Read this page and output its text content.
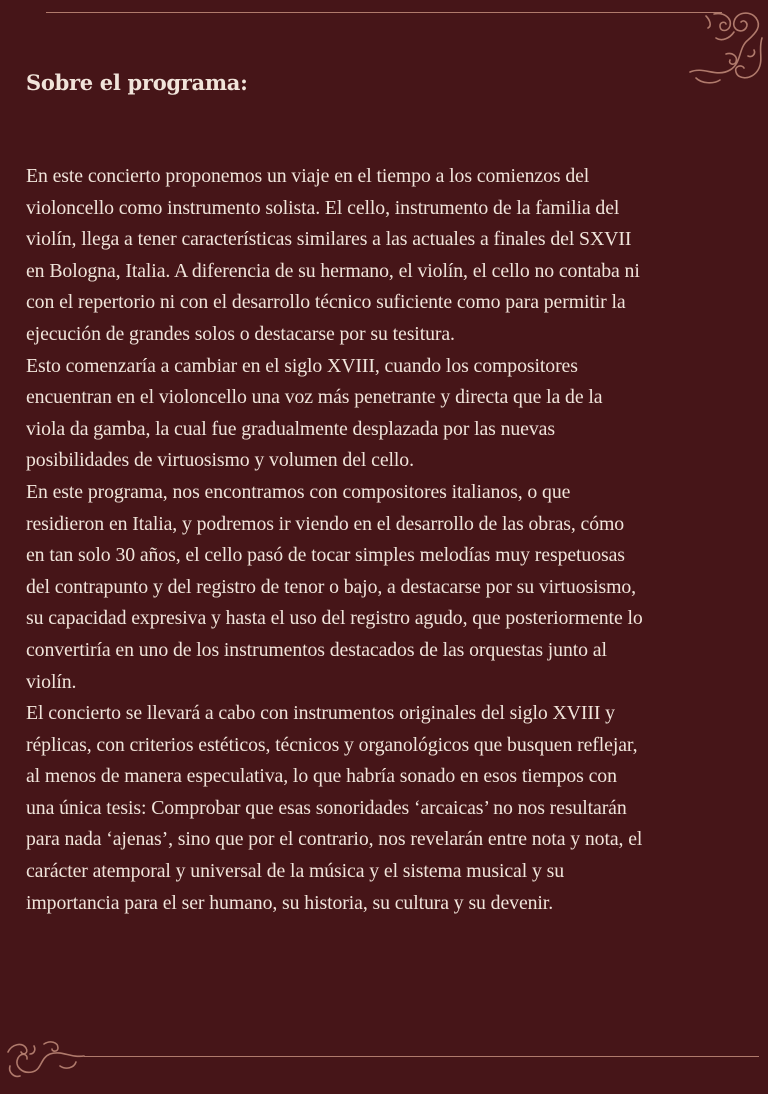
Sobre el programa:
En este concierto proponemos un viaje en el tiempo a los comienzos del
violoncello como instrumento solista. El cello, instrumento de la familia del
violín, llega a tener características similares a las actuales a finales del SXVII
en Bologna, Italia. A diferencia de su hermano, el violín, el cello no contaba ni
con el repertorio ni con el desarrollo técnico suficiente como para permitir la
ejecución de grandes solos o destacarse por su tesitura.
Esto comenzaría a cambiar en el siglo XVIII, cuando los compositores
encuentran en el violoncello una voz más penetrante y directa que la de la
viola da gamba, la cual fue gradualmente desplazada por las nuevas
posibilidades de virtuosismo y volumen del cello.
En este programa, nos encontramos con compositores italianos, o que
residieron en Italia, y podremos ir viendo en el desarrollo de las obras, cómo
en tan solo 30 años, el cello pasó de tocar simples melodías muy respetuosas
del contrapunto y del registro de tenor o bajo, a destacarse por su virtuosismo,
su capacidad expresiva y hasta el uso del registro agudo, que posteriormente lo
convertiría en uno de los instrumentos destacados de las orquestas junto al
violín.
El concierto se llevará a cabo con instrumentos originales del siglo XVIII y
réplicas, con criterios estéticos, técnicos y organológicos que busquen reflejar,
al menos de manera especulativa, lo que habría sonado en esos tiempos con
una única tesis: Comprobar que esas sonoridades ‘arcaicas’ no nos resultarán
para nada ‘ajenas’, sino que por el contrario, nos revelarán entre nota y nota, el
carácter atemporal y universal de la música y el sistema musical y su
importancia para el ser humano, su historia, su cultura y su devenir.
